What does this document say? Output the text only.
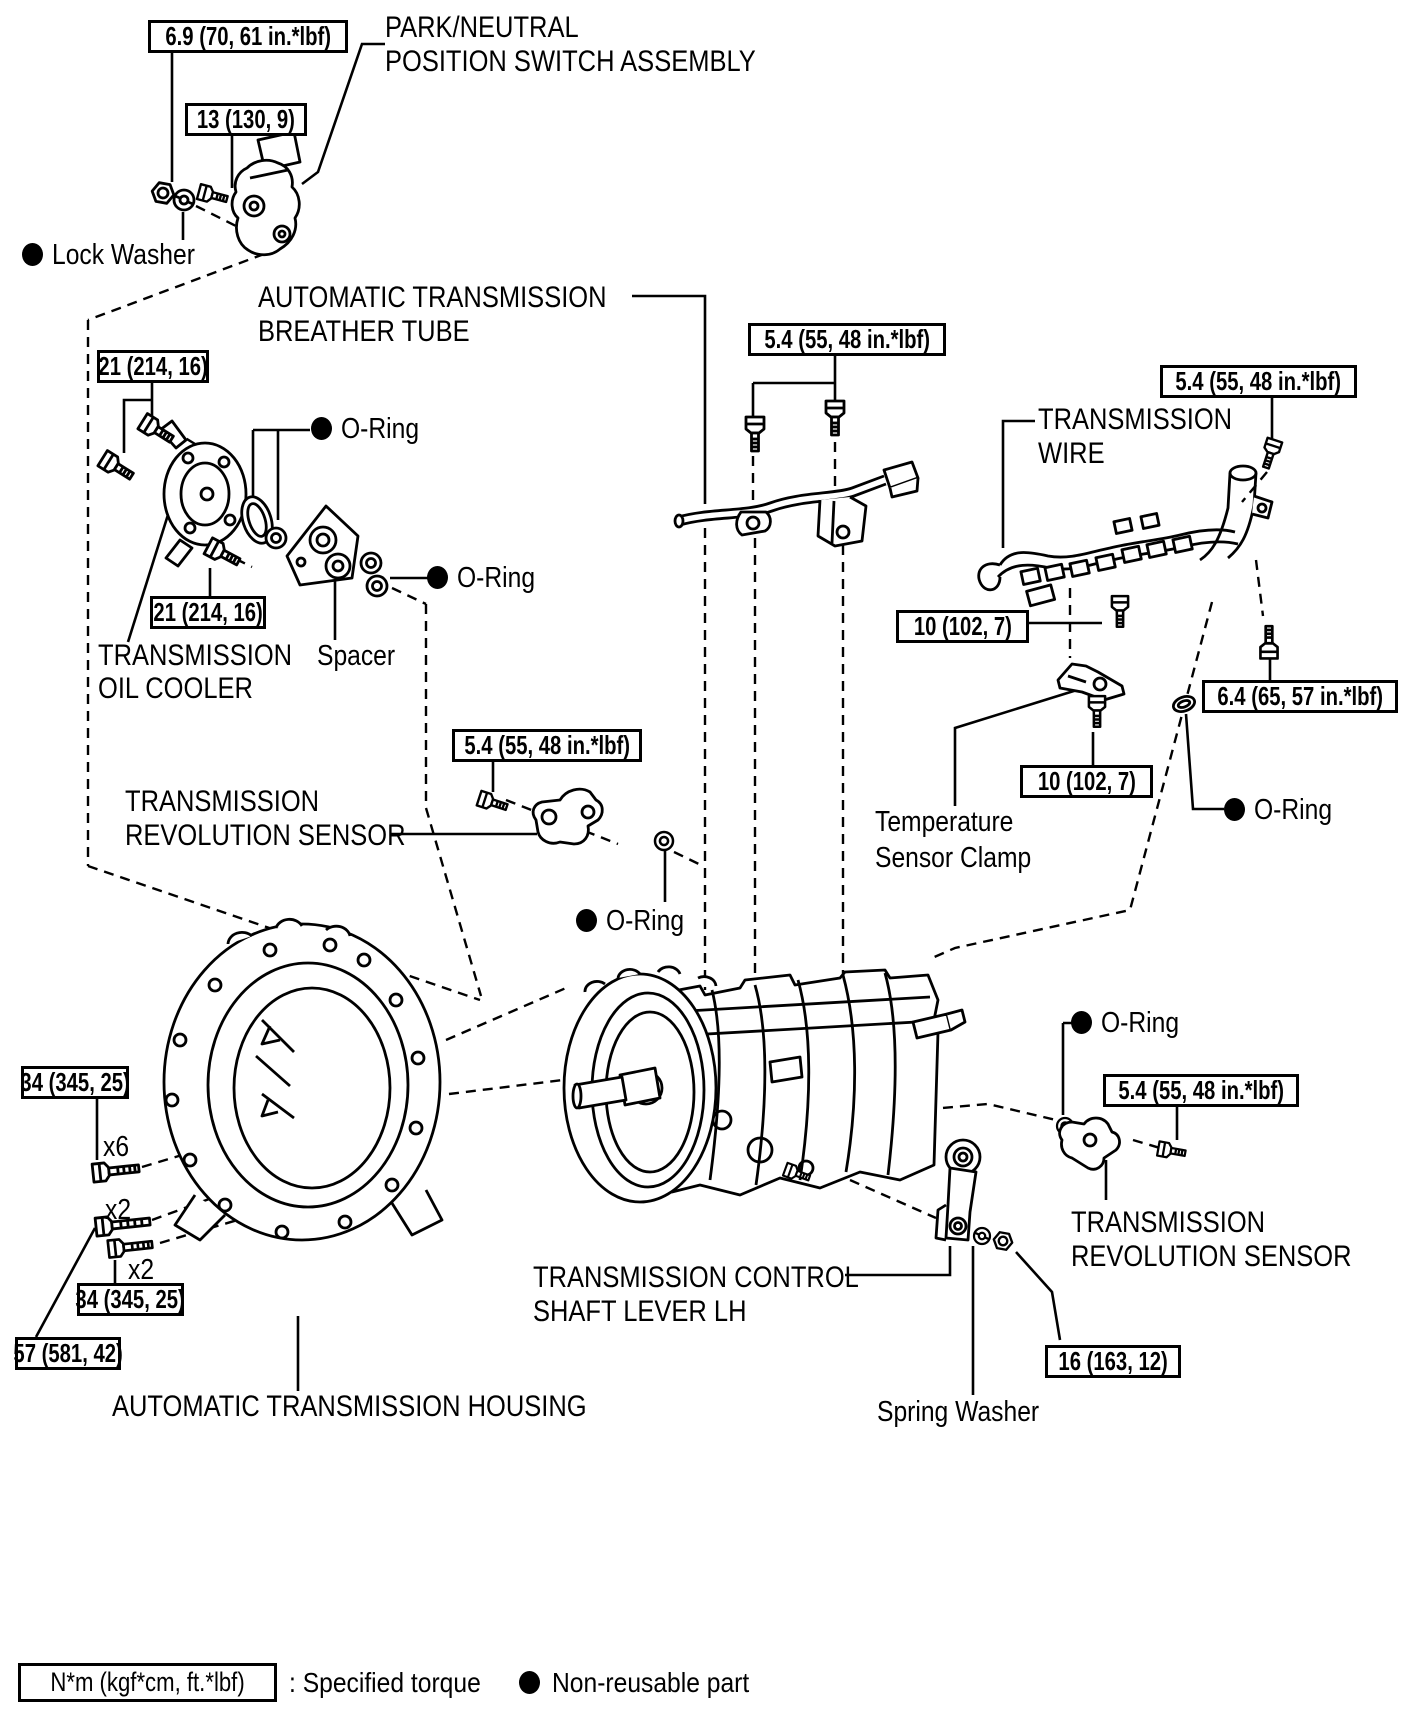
6.9 (70, 61 in.*lbf)
13 (130, 9)
21 (214, 16)
21 (214, 16)
5.4 (55, 48 in.*lbf)
5.4 (55, 48 in.*lbf)
10 (102, 7)
10 (102, 7)
6.4 (65, 57 in.*lbf)
5.4 (55, 48 in.*lbf)
34 (345, 25)
34 (345, 25)
57 (581, 42)
5.4 (55, 48 in.*lbf)
16 (163, 12)
PARK/NEUTRAL
POSITION SWITCH ASSEMBLY
Lock Washer
AUTOMATIC TRANSMISSION
BREATHER TUBE
O-Ring
O-Ring
TRANSMISSION
OIL COOLER
Spacer
TRANSMISSION
WIRE
Temperature
Sensor Clamp
TRANSMISSION
REVOLUTION SENSOR
O-Ring
O-Ring
O-Ring
TRANSMISSION CONTROL
SHAFT LEVER LH
AUTOMATIC TRANSMISSION HOUSING
TRANSMISSION
REVOLUTION SENSOR
Spring Washer
x6
x2
x2
N*m (kgf*cm, ft.*lbf) : Specified torque	Non-reusable part
